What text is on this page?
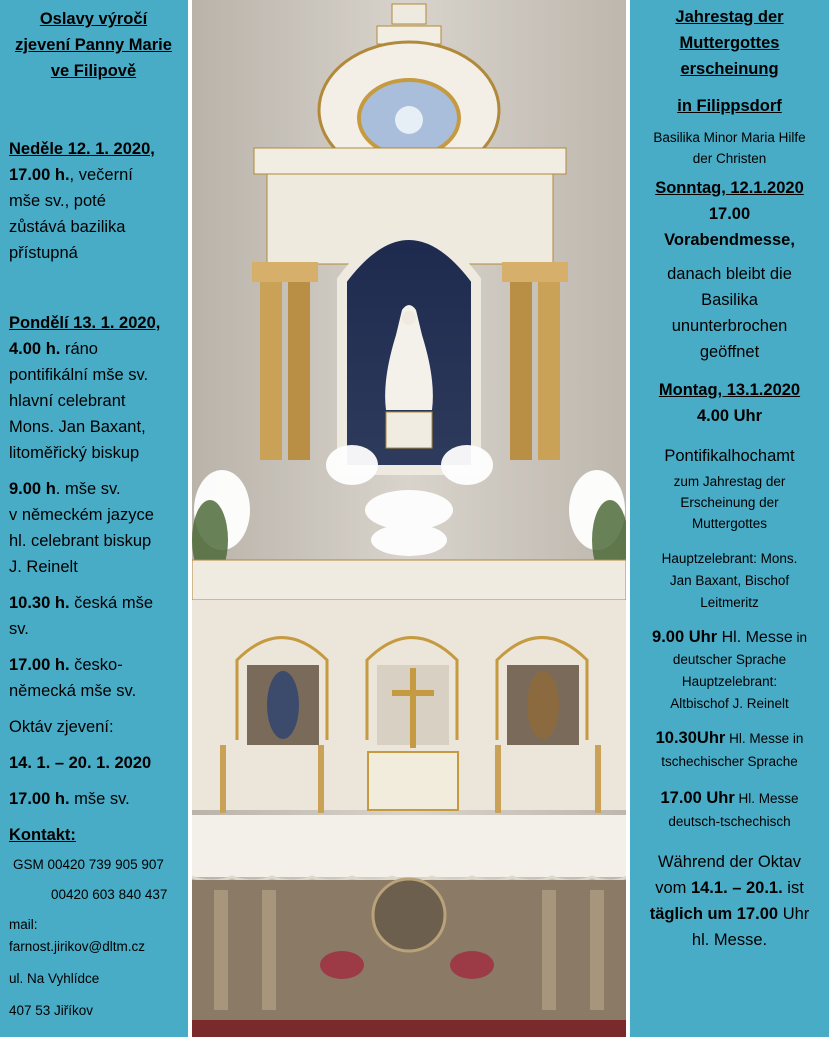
Oslavy výročí
zjevení Panny Marie
ve Filipově

Neděle 12. 1. 2020,
17.00 h., večerní
mše sv., poté
zůstává bazilika
přístupná

Pondělí 13. 1. 2020,
4.00 h. ráno
pontifikální mše sv.
hlavní celebrant
Mons. Jan Baxant,
litoměřický biskup

9.00 h. mše sv.
v německém jazyce
hl. celebrant biskup
J. Reinelt

10.30 h. česká mše
sv.

17.00 h. česko-
německá mše sv.

Oktáv zjevení:

14. 1. – 20. 1. 2020

17.00 h. mše sv.

Kontakt:

GSM 00420 739 905 907

00420 603 840 437

mail:

farnost.jirikov@dltm.cz

ul. Na Vyhlídce

407 53 Jiříkov

Jahrestag der
Muttergottes
erscheinung

in Filippsdorf

Basilika Minor Maria Hilfe
der Christen

Sonntag, 12.1.2020

17.00

Vorabendmesse,

danach bleibt die
Basilika
ununterbrochen
geöffnet

Montag, 13.1.2020

4.00 Uhr

Pontifikalhochamt

zum Jahrestag der
Erscheinung der
Muttergottes

Hauptzelebrant: Mons.
Jan Baxant, Bischof
Leitmeritz

9.00 Uhr Hl. Messe in
deutscher Sprache
Hauptzelebrant:
Altbischof J. Reinelt

10.30Uhr Hl. Messe in
tschechischer Sprache

17.00 Uhr Hl. Messe
deutsch-tschechisch

Während der Oktav
vom 14.1. – 20.1. ist
täglich um 17.00 Uhr
hl. Messe.
